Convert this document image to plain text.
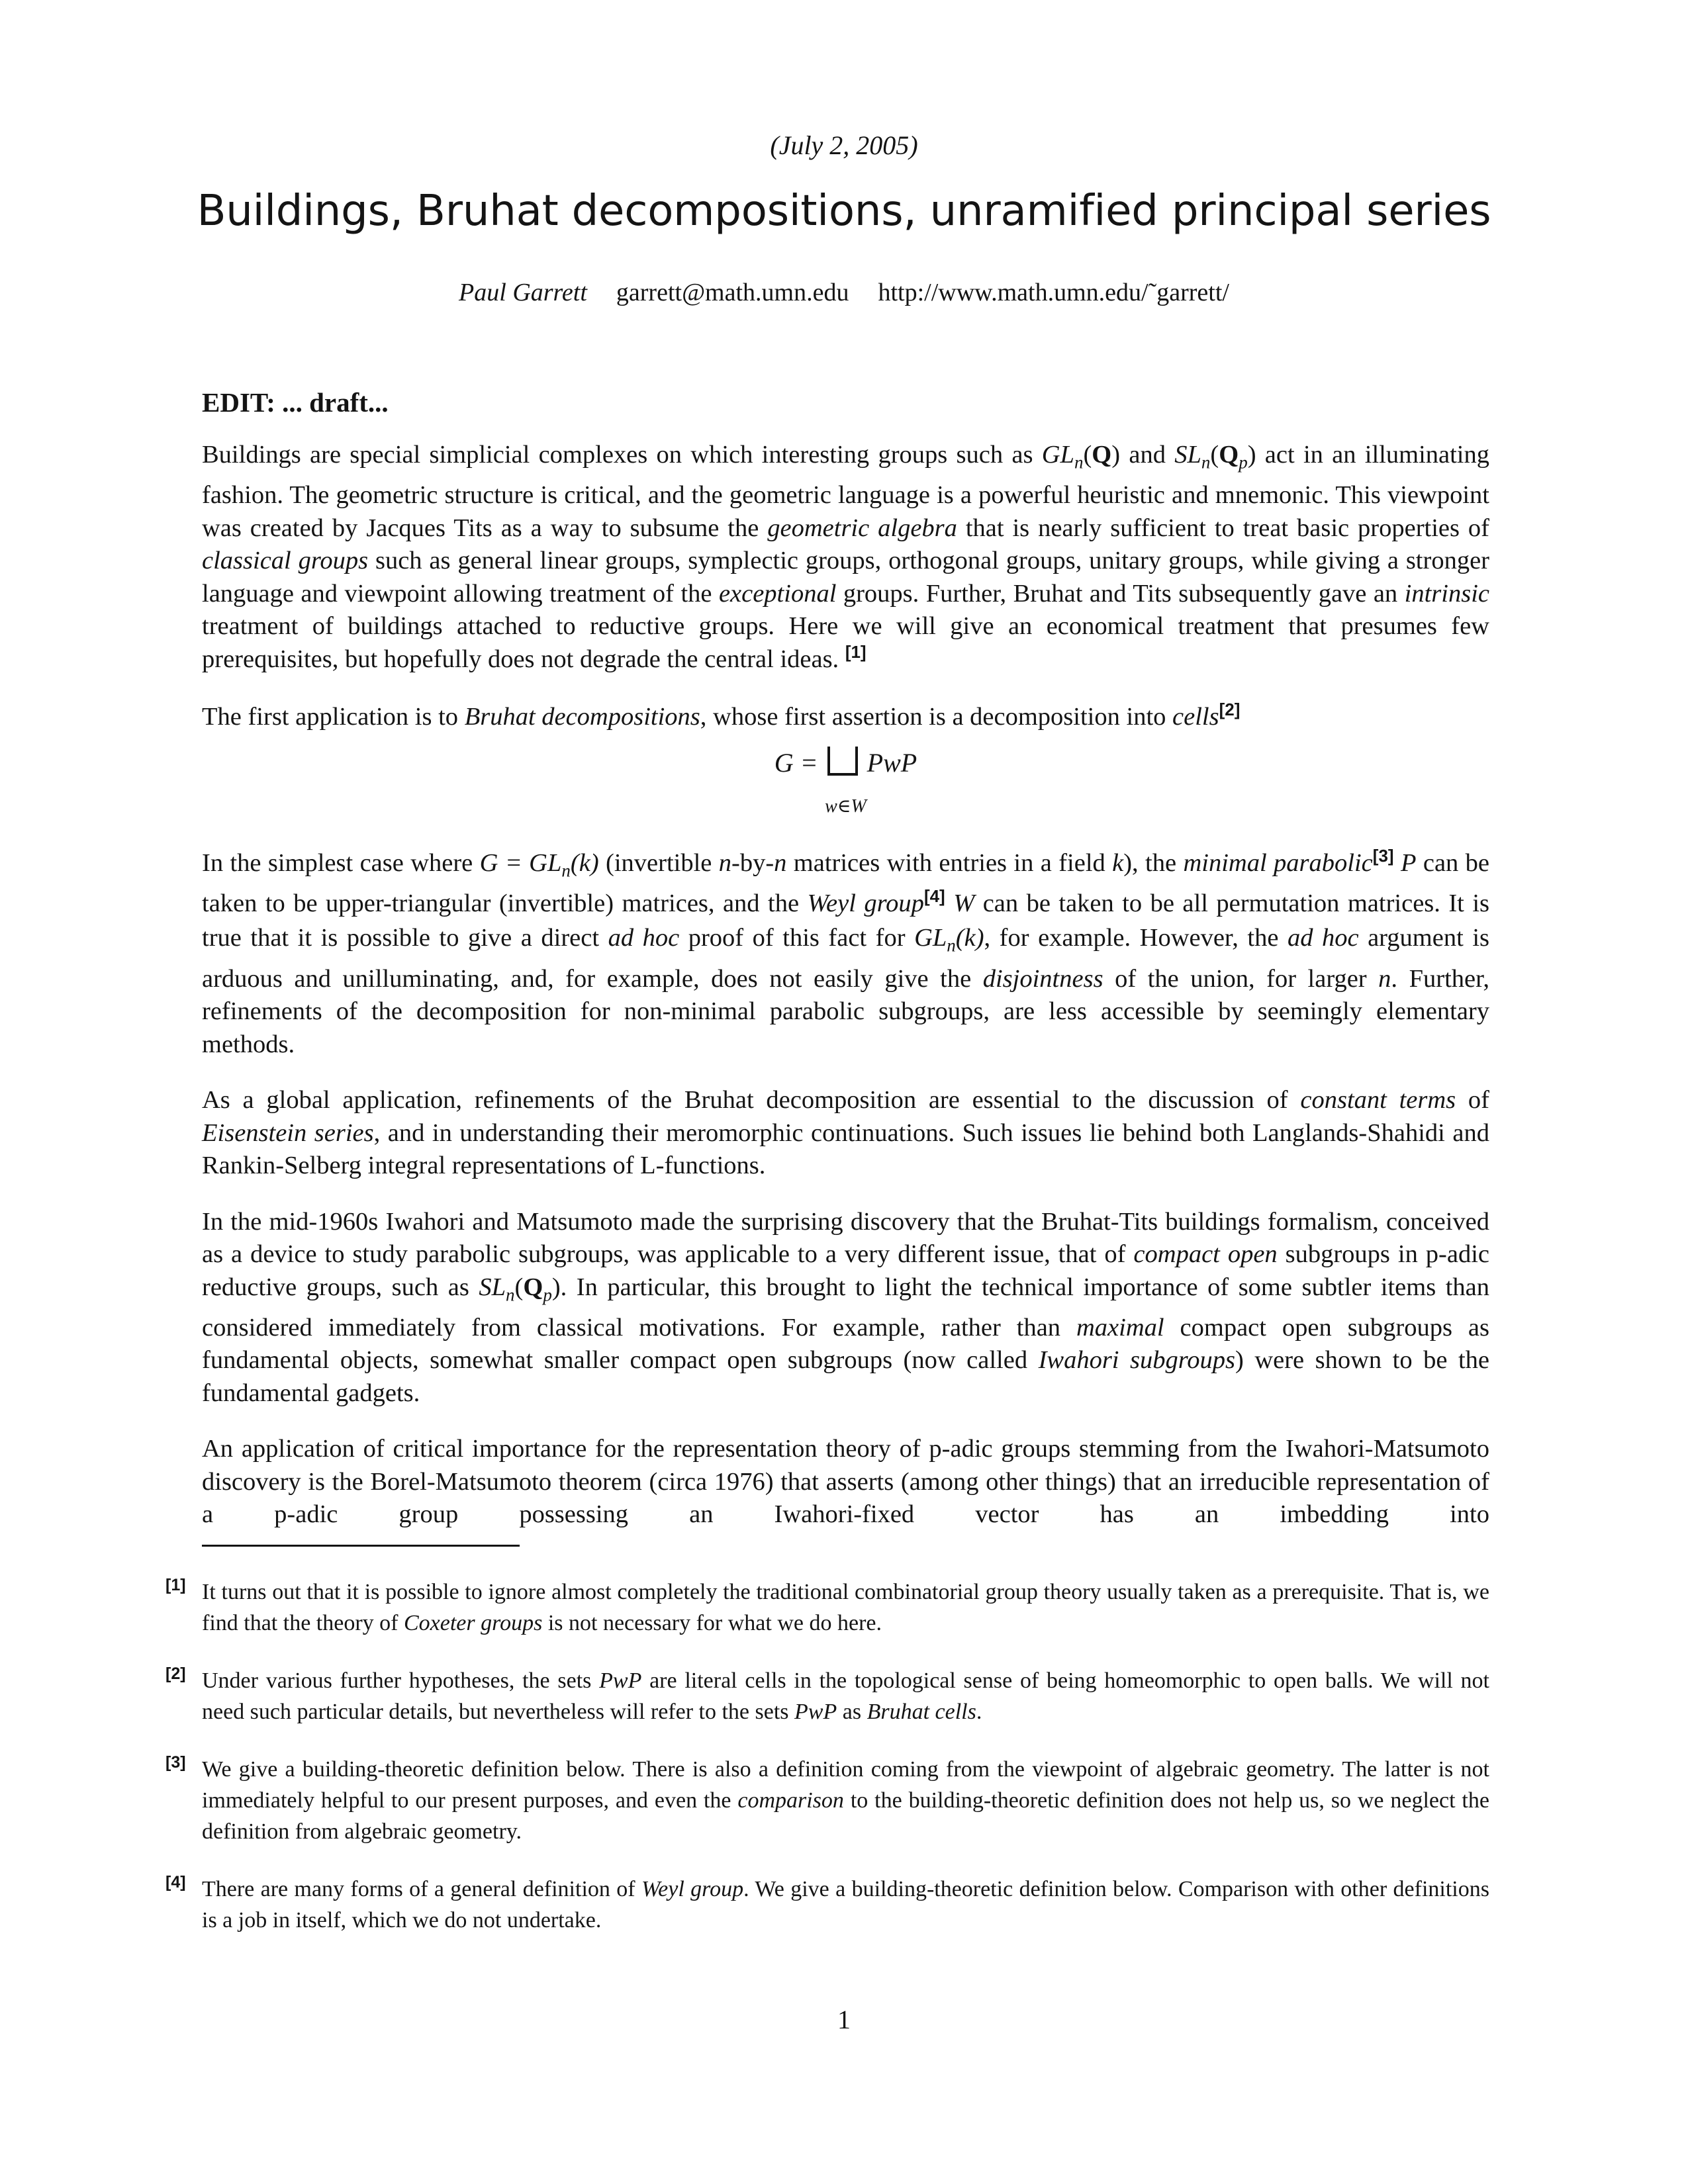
(July 2, 2005)
Buildings, Bruhat decompositions, unramified principal series
Paul Garrett garrett@math.umn.edu http://www.math.umn.edu/˜garrett/
EDIT: ... draft...

Buildings are special simplicial complexes on which interesting groups such as $GL_n(Q)$ and $SL_n(Q_p)$ act in an illuminating fashion. The geometric structure is critical, and the geometric language is a powerful heuristic and mnemonic. This viewpoint was created by Jacques Tits as a way to subsume the geometric algebra that is nearly sufficient to treat basic properties of classical groups such as general linear groups, symplectic groups, orthogonal groups, unitary groups, while giving a stronger language and viewpoint allowing treatment of the exceptional groups. Further, Bruhat and Tits subsequently gave an intrinsic treatment of buildings attached to reductive groups. Here we will give an economical treatment that presumes few prerequisites, but hopefully does not degrade the central ideas. [1]

The first application is to Bruhat decompositions, whose first assertion is a decomposition into cells[2]

G = PwP
w∈W

In the simplest case where $G = GL_n(k)$ (invertible n-by-n matrices with entries in a field k), the minimal parabolic[3] P can be taken to be upper-triangular (invertible) matrices, and the Weyl group[4] W can be taken to be all permutation matrices. It is true that it is possible to give a direct ad hoc proof of this fact for $GL_n(k)$, for example. However, the ad hoc argument is arduous and unilluminating, and, for example, does not easily give the disjointness of the union, for larger n. Further, refinements of the decomposition for non-minimal parabolic subgroups, are less accessible by seemingly elementary methods.

As a global application, refinements of the Bruhat decomposition are essential to the discussion of constant terms of Eisenstein series, and in understanding their meromorphic continuations. Such issues lie behind both Langlands-Shahidi and Rankin-Selberg integral representations of L-functions.

In the mid-1960s Iwahori and Matsumoto made the surprising discovery that the Bruhat-Tits buildings formalism, conceived as a device to study parabolic subgroups, was applicable to a very different issue, that of compact open subgroups in p-adic reductive groups, such as $SL_n(Q_p)$. In particular, this brought to light the technical importance of some subtler items than considered immediately from classical motivations. For example, rather than maximal compact open subgroups as fundamental objects, somewhat smaller compact open subgroups (now called Iwahori subgroups) were shown to be the fundamental gadgets.

An application of critical importance for the representation theory of p-adic groups stemming from the Iwahori-Matsumoto discovery is the Borel-Matsumoto theorem (circa 1976) that asserts (among other things) that an irreducible representation of a p-adic group possessing an Iwahori-fixed vector has an imbedding into

[1] It turns out that it is possible to ignore almost completely the traditional combinatorial group theory usually taken as a prerequisite. That is, we find that the theory of Coxeter groups is not necessary for what we do here.
[2] Under various further hypotheses, the sets PwP are literal cells in the topological sense of being homeomorphic to open balls. We will not need such particular details, but nevertheless will refer to the sets PwP as Bruhat cells.
[3] We give a building-theoretic definition below. There is also a definition coming from the viewpoint of algebraic geometry. The latter is not immediately helpful to our present purposes, and even the comparison to the building-theoretic definition does not help us, so we neglect the definition from algebraic geometry.
[4] There are many forms of a general definition of Weyl group. We give a building-theoretic definition below. Comparison with other definitions is a job in itself, which we do not undertake.
1
